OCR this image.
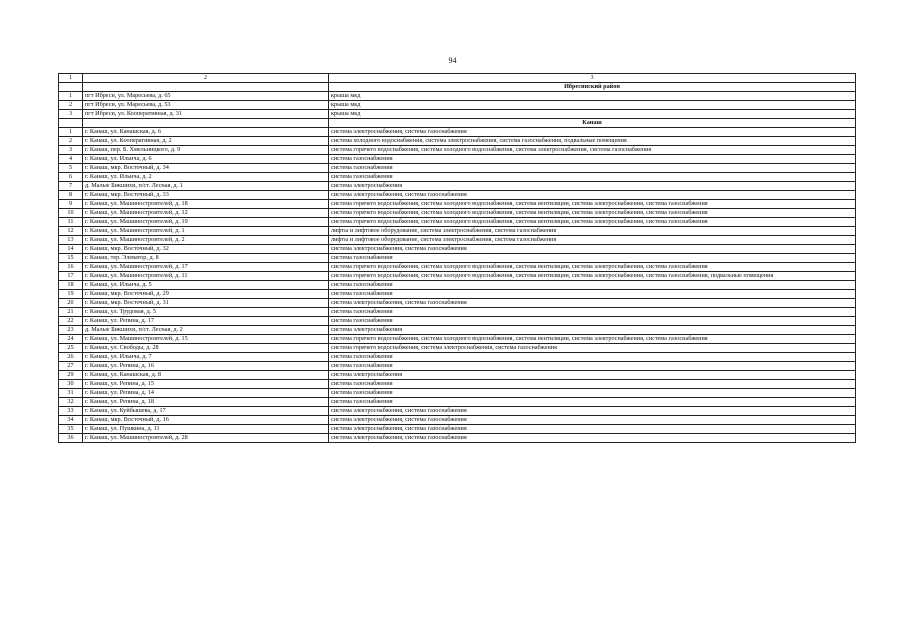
94
1	2	3
		Ибресинский район
1	пгт Ибреси, ул. Маресьева, д. 65	крыша мкд
2	пгт Ибреси, ул. Маресьева, д. 53	крыша мкд
3	пгт Ибреси, ул. Кооперативная, д. 31	крыша мкд
		Канаш
1	г. Канаш, ул. Канашская, д. 6	система электроснабжения, система газоснабжения
2	г. Канаш, ул. Кооперативная, д. 2	система холодного водоснабжения, система электроснабжения, система газоснабжения, подвальные помещения
3	г. Канаш, пер. Б. Хмельницкого, д. 9	система горячего водоснабжения, система холодного водоснабжения, система электроснабжения, система газоснабжения
4	г. Канаш, ул. Ильича, д. 6	система газоснабжения
5	г. Канаш, мкр. Восточный, д. 34	система газоснабжения
6	г. Канаш, ул. Ильича, д. 2	система газоснабжения
7	д. Малые Бикшихи, п/ст. Лесная, д. 1	система электроснабжения
8	г. Канаш, мкр. Восточный, д. 33	система электроснабжения, система газоснабжения
9	г. Канаш, ул. Машиностроителей, д. 18	система горячего водоснабжения, система холодного водоснабжения, система вентиляции, система электроснабжения, система газоснабжения
10	г. Канаш, ул. Машиностроителей, д. 12	система горячего водоснабжения, система холодного водоснабжения, система вентиляции, система электроснабжения, система газоснабжения
11	г. Канаш, ул. Машиностроителей, д. 19	система горячего водоснабжения, система холодного водоснабжения, система вентиляции, система электроснабжения, система газоснабжения
12	г. Канаш, ул. Машиностроителей, д. 1	лифты и лифтовое оборудование, система электроснабжения, система газоснабжения
13	г. Канаш, ул. Машиностроителей, д. 2	лифты и лифтовое оборудование, система электроснабжения, система газоснабжения
14	г. Канаш, мкр. Восточный, д. 32	система электроснабжения, система газоснабжения
15	г. Канаш, тер. Элеватор, д. 8	система газоснабжения
16	г. Канаш, ул. Машиностроителей, д. 17	система горячего водоснабжения, система холодного водоснабжения, система вентиляции, система электроснабжения, система газоснабжения
17	г. Канаш, ул. Машиностроителей, д. 11	система горячего водоснабжения, система холодного водоснабжения, система вентиляции, система электроснабжения, система газоснабжения, подвальные помещения
18	г. Канаш, ул. Ильича, д. 5	система газоснабжения
19	г. Канаш, мкр. Восточный, д. 29	система газоснабжения
20	г. Канаш, мкр. Восточный, д. 31	система электроснабжения, система газоснабжения
21	г. Канаш, ул. Трудовая, д. 5	система газоснабжения
22	г. Канаш, ул. Репина, д. 17	система газоснабжения
23	д. Малые Бикшихи, п/ст. Лесная, д. 2	система электроснабжения
24	г. Канаш, ул. Машиностроителей, д. 15	система горячего водоснабжения, система холодного водоснабжения, система вентиляции, система электроснабжения, система газоснабжения
25	г. Канаш, ул. Свободы, д. 28	система горячего водоснабжения, система электроснабжения, система газоснабжения
26	г. Канаш, ул. Ильича, д. 7	система газоснабжения
27	г. Канаш, ул. Репина, д. 16	система газоснабжения
29	г. Канаш, ул. Канашская, д. 8	система электроснабжения
30	г. Канаш, ул. Репина, д. 15	система газоснабжения
31	г. Канаш, ул. Репина, д. 14	система газоснабжения
32	г. Канаш, ул. Репина, д. 18	система газоснабжения
33	г. Канаш, ул. Куйбышева, д. 17	система электроснабжения, система газоснабжения
34	г. Канаш, мкр. Восточный, д. 16	система электроснабжения, система газоснабжения
35	г. Канаш, ул. Пушкина, д. 11	система электроснабжения, система газоснабжения
36	г. Канаш, ул. Машиностроителей, д. 28	система электроснабжения, система газоснабжения
